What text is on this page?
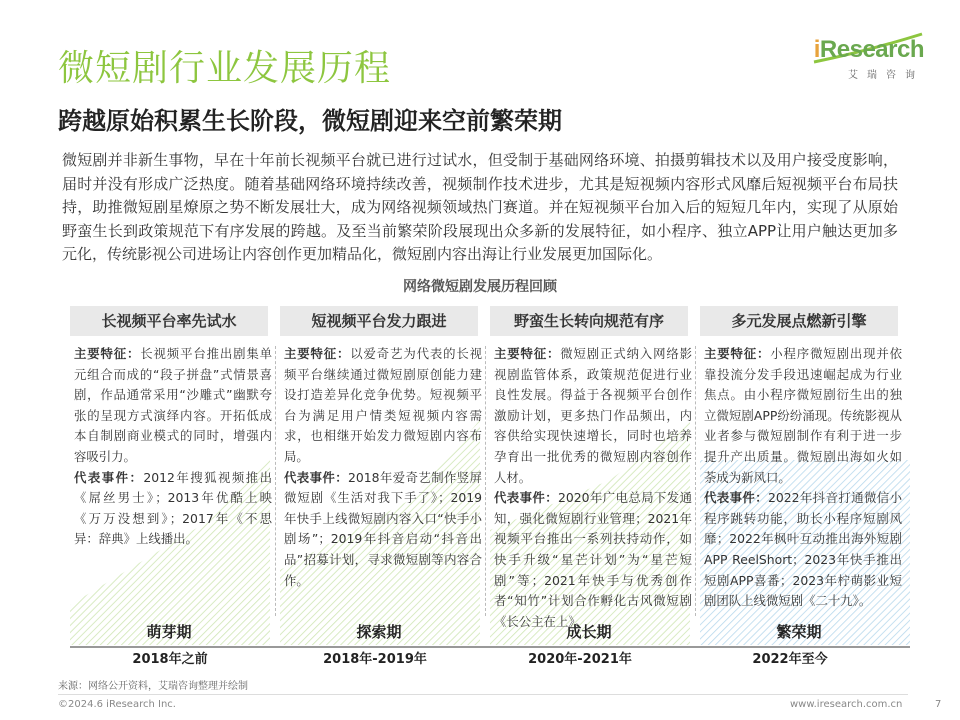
微短剧行业发展历程
跨越原始积累生长阶段，微短剧迎来空前繁荣期
iResearch
艾瑞咨询
微短剧并非新生事物，早在十年前长视频平台就已进行过试水，但受制于基础网络环境、拍摄剪辑技术以及用户接受度影响，届时并没有形成广泛热度。随着基础网络环境持续改善，视频制作技术进步，尤其是短视频内容形式风靡后短视频平台布局扶持，助推微短剧星燎原之势不断发展壮大，成为网络视频领域热门赛道。并在短视频平台加入后的短短几年内，实现了从原始野蛮生长到政策规范下有序发展的跨越。及至当前繁荣阶段展现出众多新的发展特征，如小程序、独立APP让用户触达更加多元化，传统影视公司进场让内容创作更加精品化，微短剧内容出海让行业发展更加国际化。
网络微短剧发展历程回顾
长视频平台率先试水
主要特征：长视频平台推出剧集单元组合而成的“段子拼盘”式情景喜剧，作品通常采用“沙雕式”幽默夸张的呈现方式演绎内容。开拓低成本自制剧商业模式的同时，增强内容吸引力。
代表事件：2012年搜狐视频推出《屌丝男士》；2013年优酷上映《万万没想到》；2017年《不思异：辞典》上线播出。
萌芽期
短视频平台发力跟进
主要特征：以爱奇艺为代表的长视频平台继续通过微短剧原创能力建设打造差异化竞争优势。短视频平台为满足用户情类短视频内容需求，也相继开始发力微短剧内容布局。
代表事件：2018年爱奇艺制作竖屏微短剧《生活对我下手了》；2019年快手上线微短剧内容入口“快手小剧场”；2019年抖音启动“抖音出品”招募计划，寻求微短剧等内容合作。
探索期
野蛮生长转向规范有序
主要特征：微短剧正式纳入网络影视剧监管体系，政策规范促进行业良性发展。得益于各视频平台创作激励计划，更多热门作品频出，内容供给实现快速增长，同时也培养孕育出一批优秀的微短剧内容创作人材。
代表事件：2020年广电总局下发通知，强化微短剧行业管理；2021年视频平台推出一系列扶持动作，如快手升级“星芒计划”为“星芒短剧”等；2021年快手与优秀创作者“知竹”计划合作孵化古风微短剧《长公主在上》。
成长期
多元发展点燃新引擎
主要特征：小程序微短剧出现并依靠投流分发手段迅速崛起成为行业焦点。由小程序微短剧衍生出的独立微短剧APP纷纷涌现。传统影视从业者参与微短剧制作有利于进一步提升产出质量。微短剧出海如火如荼成为新风口。
代表事件：2022年抖音打通微信小程序跳转功能，助长小程序短剧风靡；2022年枫叶互动推出海外短剧APP ReelShort；2023年快手推出短剧APP喜番；2023年柠萌影业短剧团队上线微短剧《二十九》。
繁荣期
2018年之前	2018年-2019年	2020年-2021年	2022年至今
来源：网络公开资料，艾瑞咨询整理并绘制
©2024.6 iResearch Inc.	www.iresearch.com.cn	7
